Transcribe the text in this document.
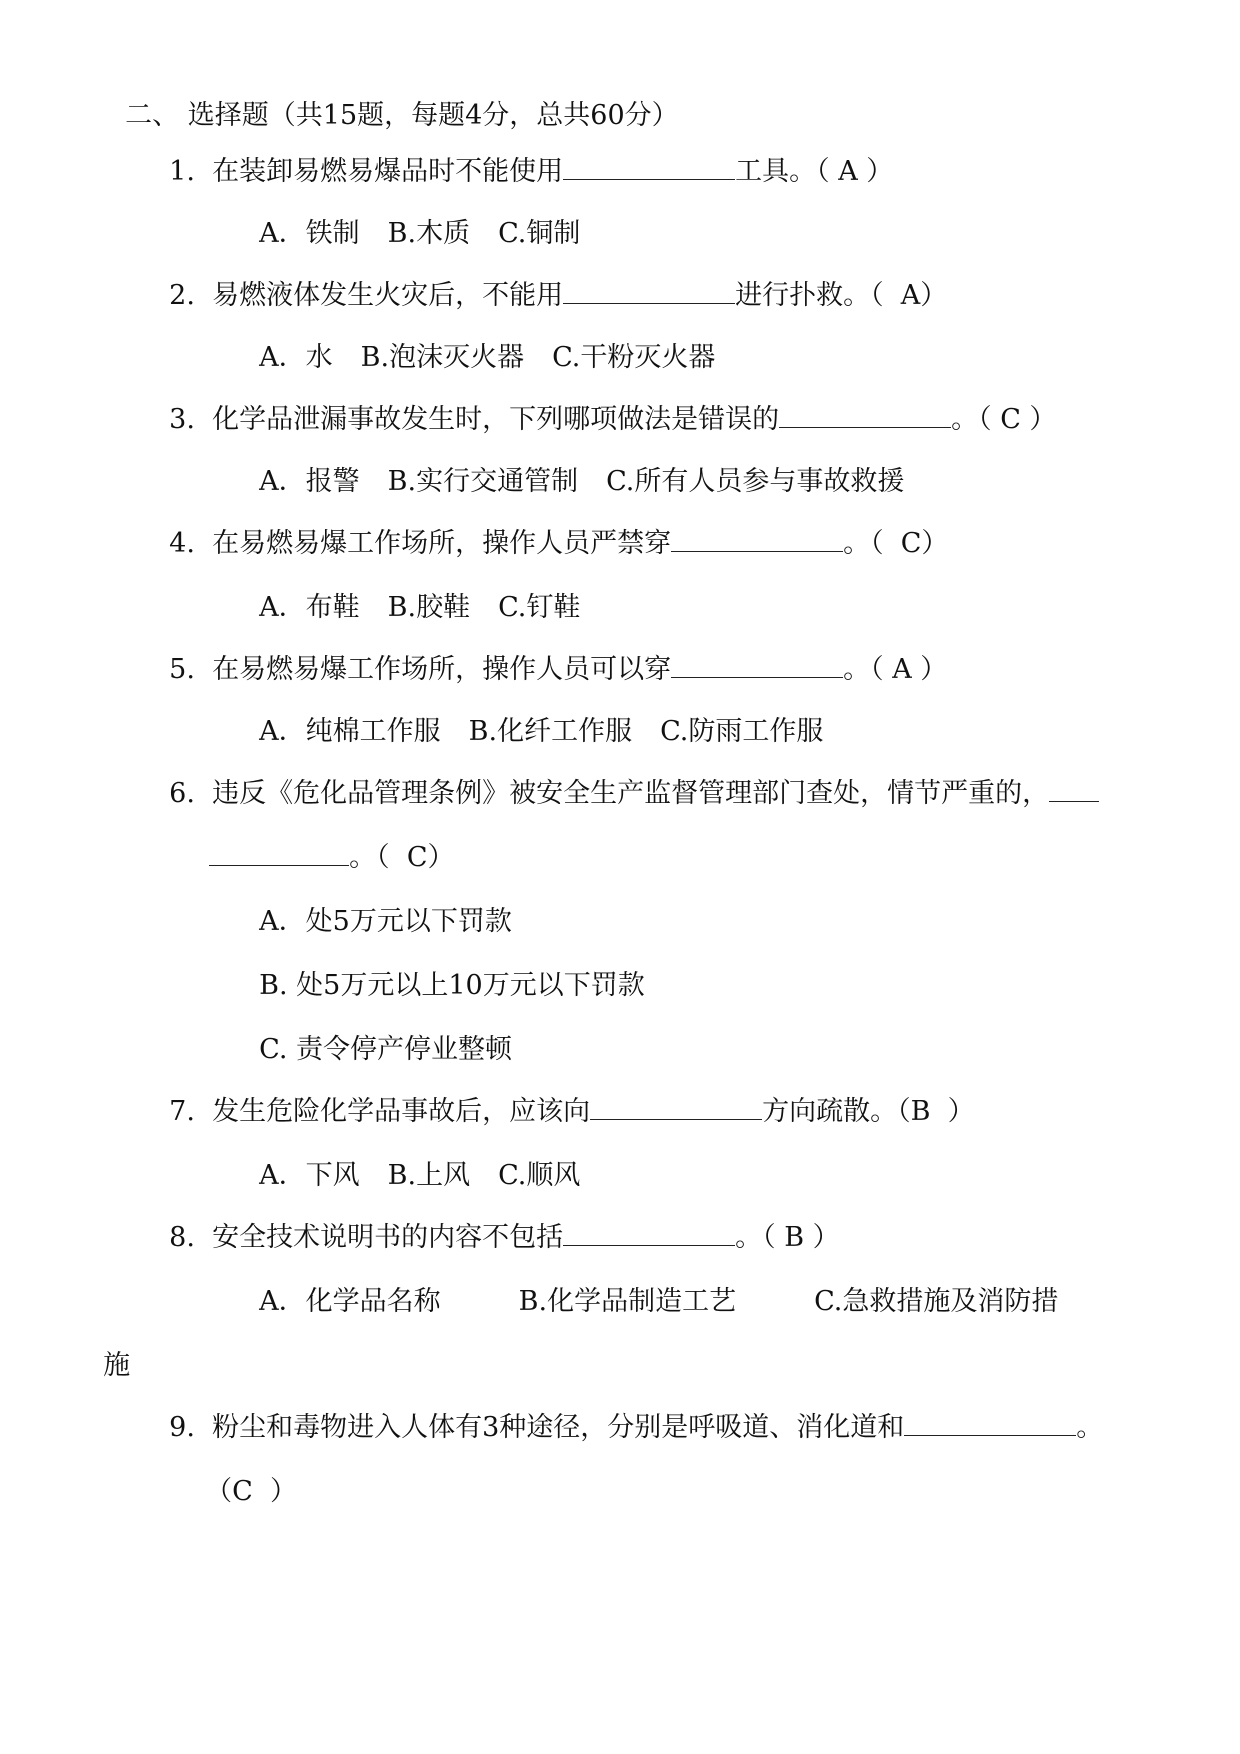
二、 选择题（共15题，每题4分，总共60分）

1. 在装卸易燃易爆品时不能使用	工具。（ A ）

A．铁制 B.木质 C.铜制

2. 易燃液体发生火灾后，不能用	进行扑救。（  A）

A．水 B.泡沫灭火器 C.干粉灭火器

3. 化学品泄漏事故发生时，下列哪项做法是错误的	。（ C ）

A．报警 B.实行交通管制 C.所有人员参与事故救援

4. 在易燃易爆工作场所，操作人员严禁穿	。（  C）

A．布鞋 B.胶鞋 C.钉鞋

5. 在易燃易爆工作场所，操作人员可以穿	。（ A ）

A．纯棉工作服 B.化纤工作服 C.防雨工作服

6. 违反《危化品管理条例》被安全生产监督管理部门查处，情节严重的，

。（  C）

A．处5万元以下罚款

B. 处5万元以上10万元以下罚款

C. 责令停产停业整顿

7. 发生危险化学品事故后，应该向	方向疏散。（B  ）

A．下风 B.上风 C.顺风

8. 安全技术说明书的内容不包括	。（ B ）

A．化学品名称	B.化学品制造工艺	C.急救措施及消防措

施

9. 粉尘和毒物进入人体有3种途径，分别是呼吸道、消化道和	。

（C  ）
